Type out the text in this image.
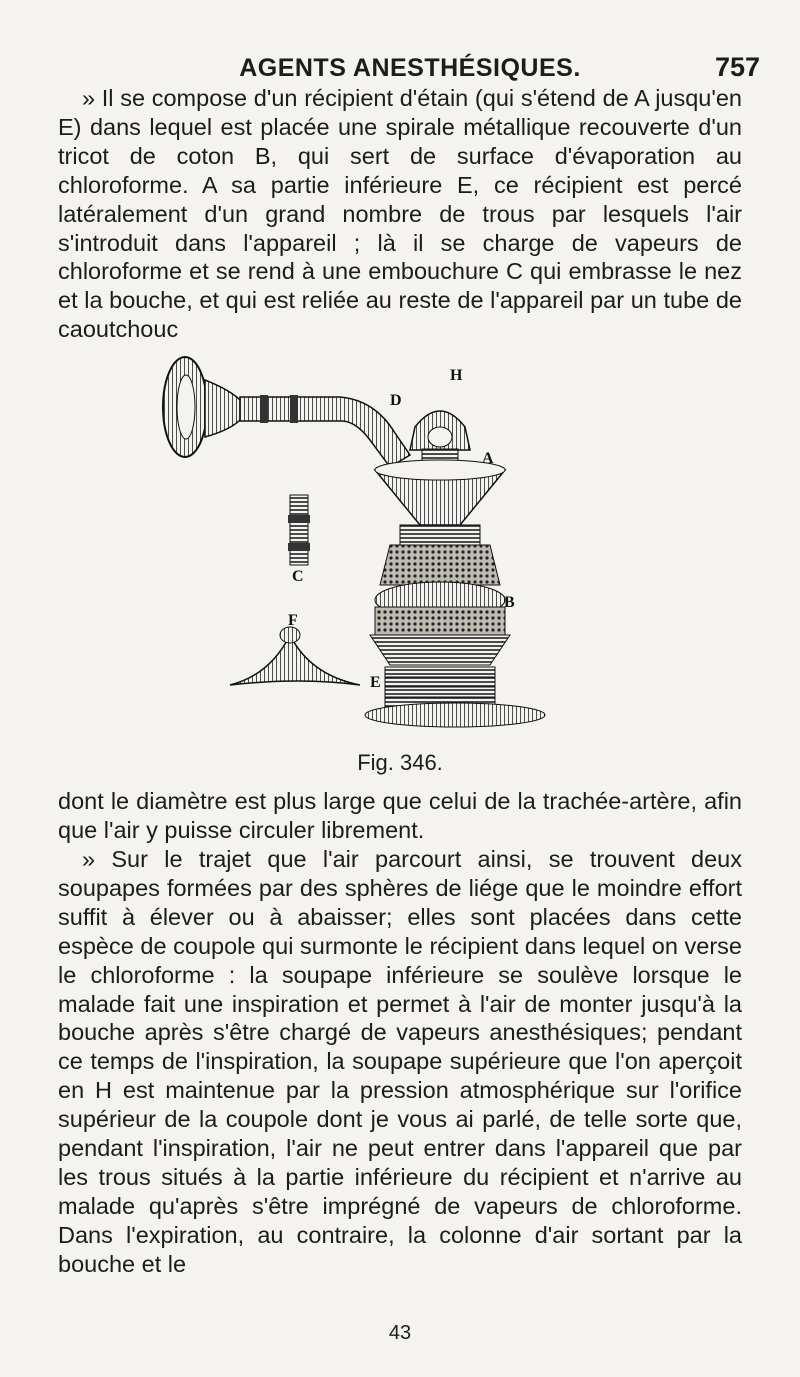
AGENTS ANESTHÉSIQUES.	757

» Il se compose d'un récipient d'étain (qui s'étend de A jusqu'en E) dans lequel est placée une spirale métallique recouverte d'un tricot de coton B, qui sert de surface d'évaporation au chloroforme. A sa partie inférieure E, ce récipient est percé latéralement d'un grand nombre de trous par lesquels l'air s'introduit dans l'appareil ; là il se charge de vapeurs de chloroforme et se rend à une embouchure C qui embrasse le nez et la bouche, et qui est reliée au reste de l'appareil par un tube de caoutchouc

H
D
A
C
F
B
E
Fig. 346.

dont le diamètre est plus large que celui de la trachée-artère, afin que l'air y puisse circuler librement.

» Sur le trajet que l'air parcourt ainsi, se trouvent deux soupapes formées par des sphères de liége que le moindre effort suffit à élever ou à abaisser; elles sont placées dans cette espèce de coupole qui surmonte le récipient dans lequel on verse le chloroforme : la soupape inférieure se soulève lorsque le malade fait une inspiration et permet à l'air de monter jusqu'à la bouche après s'être chargé de vapeurs anesthésiques; pendant ce temps de l'inspiration, la soupape supérieure que l'on aperçoit en H est maintenue par la pression atmosphérique sur l'orifice supérieur de la coupole dont je vous ai parlé, de telle sorte que, pendant l'inspiration, l'air ne peut entrer dans l'appareil que par les trous situés à la partie inférieure du récipient et n'arrive au malade qu'après s'être imprégné de vapeurs de chloroforme. Dans l'expiration, au contraire, la colonne d'air sortant par la bouche et le

43
